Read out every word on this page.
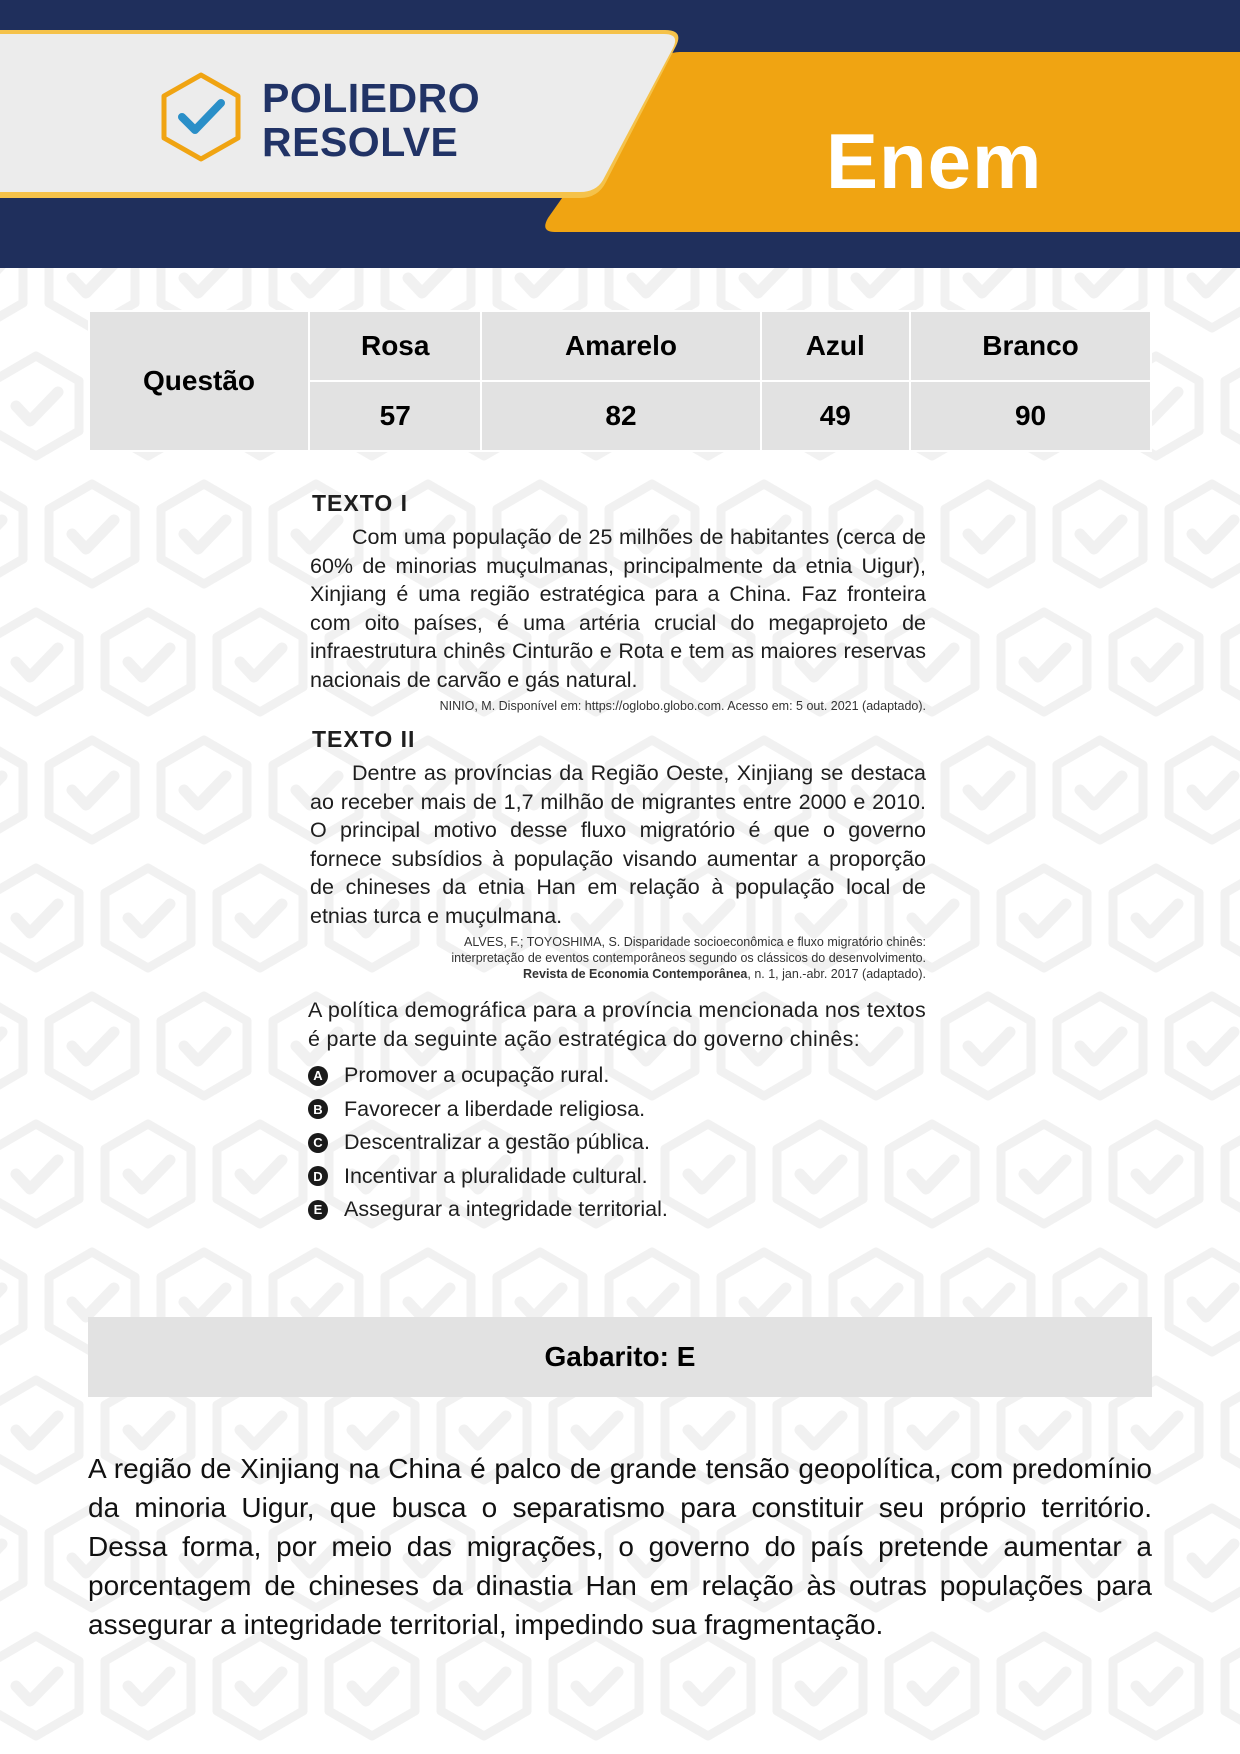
POLIEDRO
RESOLVE	Enem
Questão	Rosa	Amarelo	Azul	Branco
	57	82	49	90
TEXTO I

Com uma população de 25 milhões de habitantes (cerca de 60% de minorias muçulmanas, principalmente da etnia Uigur), Xinjiang é uma região estratégica para a China. Faz fronteira com oito países, é uma artéria crucial do megaprojeto de infraestrutura chinês Cinturão e Rota e tem as maiores reservas nacionais de carvão e gás natural.

NINIO, M. Disponível em: https://oglobo.globo.com. Acesso em: 5 out. 2021 (adaptado).
TEXTO II

Dentre as províncias da Região Oeste, Xinjiang se destaca ao receber mais de 1,7 milhão de migrantes entre 2000 e 2010. O principal motivo desse fluxo migratório é que o governo fornece subsídios à população visando aumentar a proporção de chineses da etnia Han em relação à população local de etnias turca e muçulmana.

ALVES, F.; TOYOSHIMA, S. Disparidade socioeconômica e fluxo migratório chinês:
interpretação de eventos contemporâneos segundo os clássicos do desenvolvimento.
Revista de Economia Contemporânea, n. 1, jan.-abr. 2017 (adaptado).

A política demográfica para a província mencionada nos textos é parte da seguinte ação estratégica do governo chinês:

A Promover a ocupação rural.
B Favorecer a liberdade religiosa.
C Descentralizar a gestão pública.
D Incentivar a pluralidade cultural.
E Assegurar a integridade territorial.
Gabarito: E

A região de Xinjiang na China é palco de grande tensão geopolítica, com predomínio da minoria Uigur, que busca o separatismo para constituir seu próprio território. Dessa forma, por meio das migrações, o governo do país pretende aumentar a porcentagem de chineses da dinastia Han em relação às outras populações para assegurar a integridade territorial, impedindo sua fragmentação.
